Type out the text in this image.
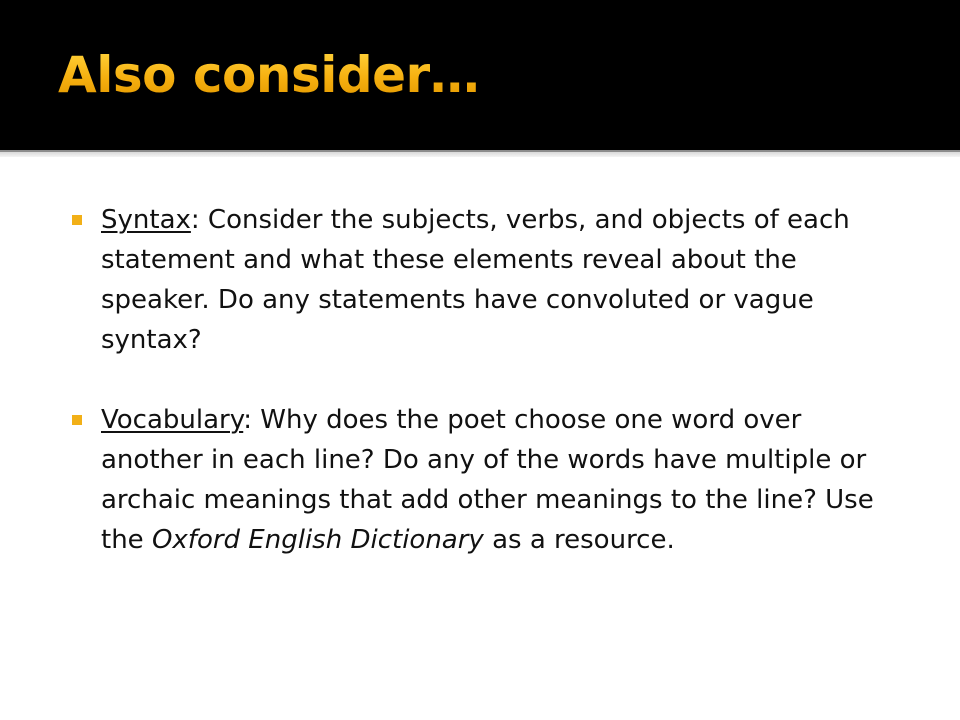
Also consider…
Syntax: Consider the subjects, verbs, and objects of each statement and what these elements reveal about the speaker. Do any statements have convoluted or vague syntax?
Vocabulary: Why does the poet choose one word over another in each line? Do any of the words have multiple or archaic meanings that add other meanings to the line? Use the Oxford English Dictionary as a resource.
